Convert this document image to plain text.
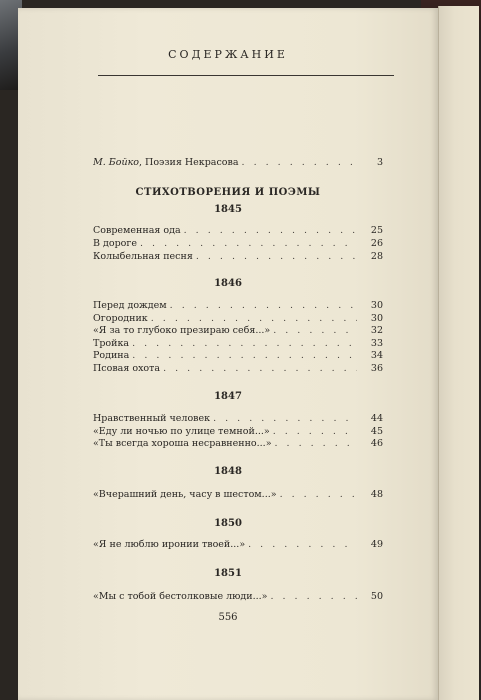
СОДЕРЖАНИЕ
М. Бойко, Поэзия Некрасова . . .	3
СТИХОТВОРЕНИЯ И ПОЭМЫ
1845
Современная ода . . .	25
В дороге . . .	26
Колыбельная песня . . .	28
1846
Перед дождем . . .	30
Огородник . . .	30
«Я за то глубоко презираю себя...» . . .	32
Тройка . . .	33
Родина . . .	34
Псовая охота . . .	36
1847
Нравственный человек . . .	44
«Еду ли ночью по улице темной...» . . .	45
«Ты всегда хороша несравненно...» . . .	46
1848
«Вчерашний день, часу в шестом...» . . .	48
1850
«Я не люблю иронии твоей...» . . .	49
1851
«Мы с тобой бестолковые люди...» . . .	50
556
